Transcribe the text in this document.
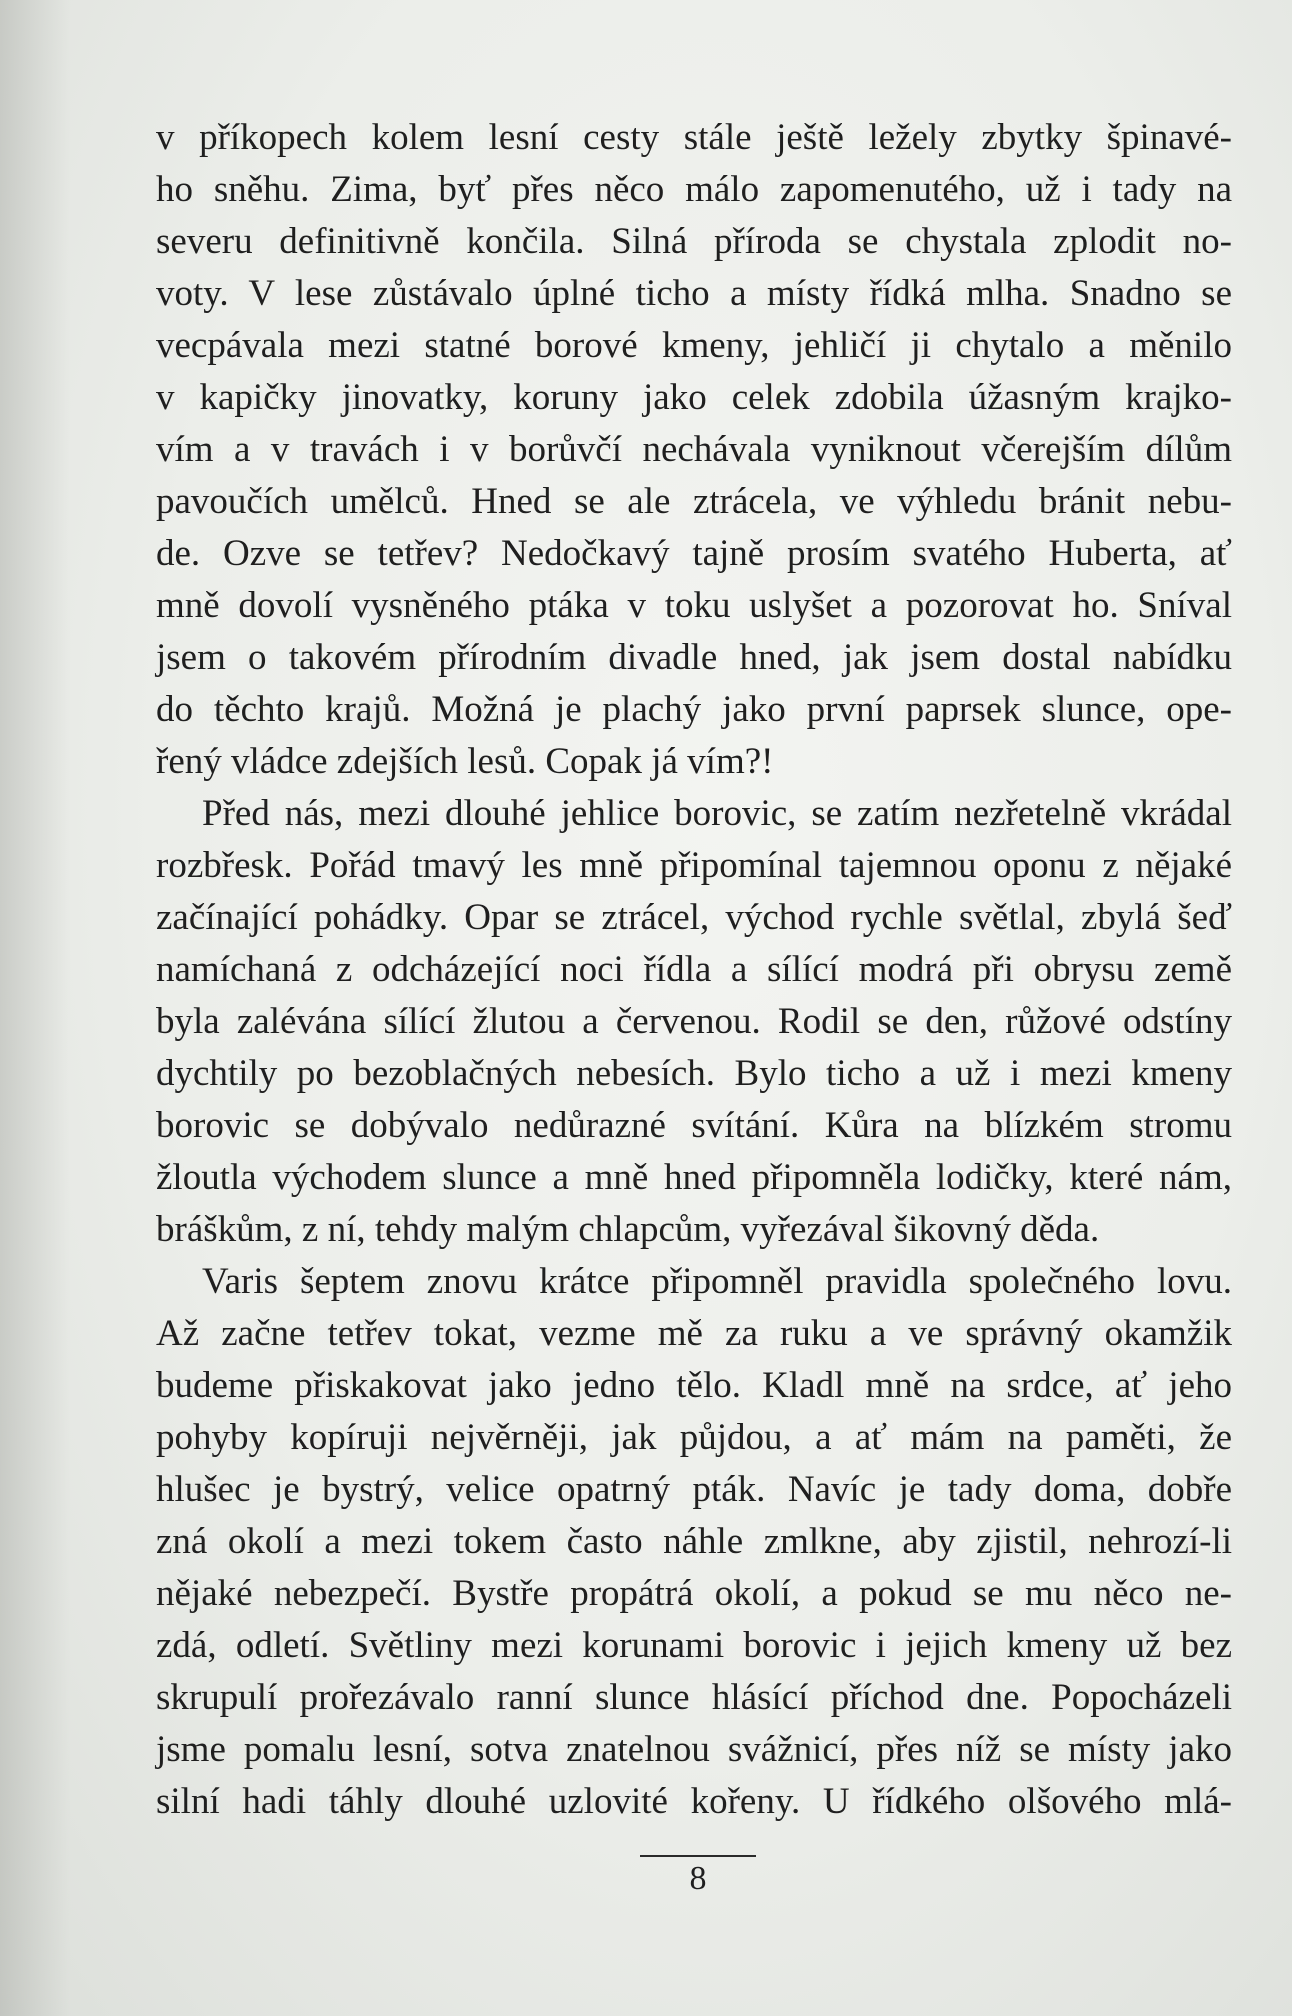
v příkopech kolem lesní cesty stále ještě ležely zbytky špinavé-
ho sněhu. Zima, byť přes něco málo zapomenutého, už i tady na
severu definitivně končila. Silná příroda se chystala zplodit no-
voty. V lese zůstávalo úplné ticho a místy řídká mlha. Snadno se
vecpávala mezi statné borové kmeny, jehličí ji chytalo a měnilo
v kapičky jinovatky, koruny jako celek zdobila úžasným krajko-
vím a v travách i v borůvčí nechávala vyniknout včerejším dílům
pavoučích umělců. Hned se ale ztrácela, ve výhledu bránit nebu-
de. Ozve se tetřev? Nedočkavý tajně prosím svatého Huberta, ať
mně dovolí vysněného ptáka v toku uslyšet a pozorovat ho. Sníval
jsem o takovém přírodním divadle hned, jak jsem dostal nabídku
do těchto krajů. Možná je plachý jako první paprsek slunce, ope-
řený vládce zdejších lesů. Copak já vím?!
Před nás, mezi dlouhé jehlice borovic, se zatím nezřetelně vkrádal
rozbřesk. Pořád tmavý les mně připomínal tajemnou oponu z nějaké
začínající pohádky. Opar se ztrácel, východ rychle světlal, zbylá šeď
namíchaná z odcházející noci řídla a sílící modrá při obrysu země
byla zalévána sílící žlutou a červenou. Rodil se den, růžové odstíny
dychtily po bezoblačných nebesích. Bylo ticho a už i mezi kmeny
borovic se dobývalo nedůrazné svítání. Kůra na blízkém stromu
žloutla východem slunce a mně hned připomněla lodičky, které nám,
bráškům, z ní, tehdy malým chlapcům, vyřezával šikovný děda.
Varis šeptem znovu krátce připomněl pravidla společného lovu.
Až začne tetřev tokat, vezme mě za ruku a ve správný okamžik
budeme přiskakovat jako jedno tělo. Kladl mně na srdce, ať jeho
pohyby kopíruji nejvěrněji, jak půjdou, a ať mám na paměti, že
hlušec je bystrý, velice opatrný pták. Navíc je tady doma, dobře
zná okolí a mezi tokem často náhle zmlkne, aby zjistil, nehrozí-li
nějaké nebezpečí. Bystře propátrá okolí, a pokud se mu něco ne-
zdá, odletí. Světliny mezi korunami borovic i jejich kmeny už bez
skrupulí prořezávalo ranní slunce hlásící příchod dne. Popocházeli
jsme pomalu lesní, sotva znatelnou svážnicí, přes níž se místy jako
silní hadi táhly dlouhé uzlovité kořeny. U řídkého olšového mlá-
8
